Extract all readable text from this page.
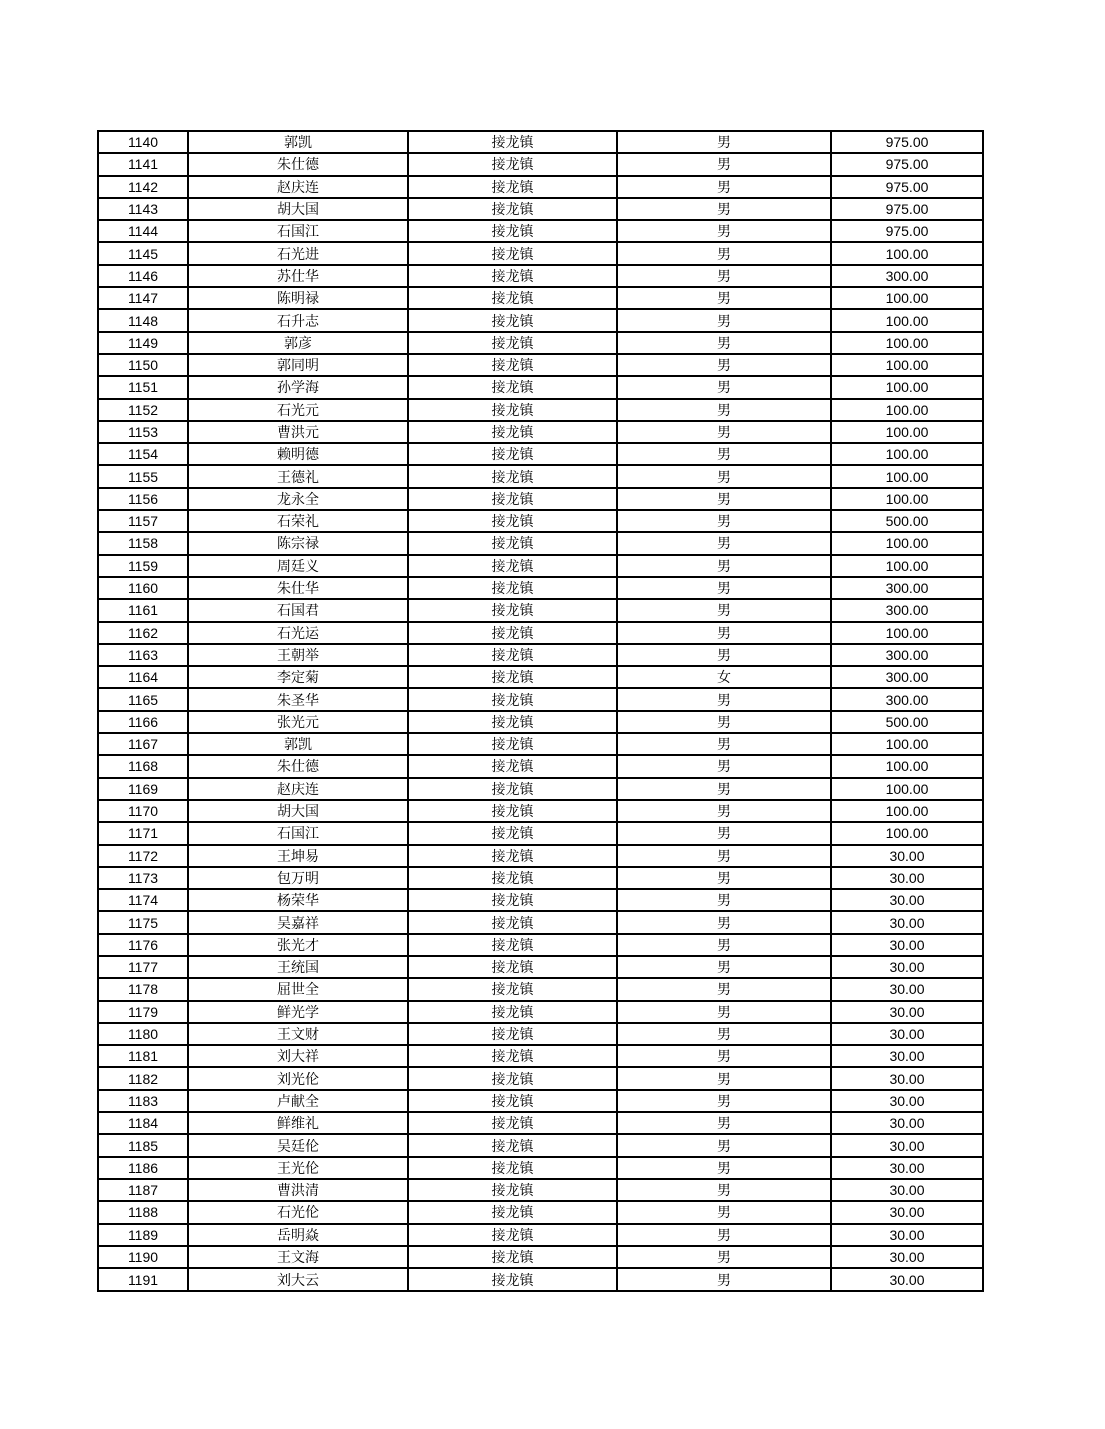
1140	郭凯	接龙镇	男	975.00
1141	朱仕德	接龙镇	男	975.00
1142	赵庆连	接龙镇	男	975.00
1143	胡大国	接龙镇	男	975.00
1144	石国江	接龙镇	男	975.00
1145	石光进	接龙镇	男	100.00
1146	苏仕华	接龙镇	男	300.00
1147	陈明禄	接龙镇	男	100.00
1148	石升志	接龙镇	男	100.00
1149	郭彦	接龙镇	男	100.00
1150	郭同明	接龙镇	男	100.00
1151	孙学海	接龙镇	男	100.00
1152	石光元	接龙镇	男	100.00
1153	曹洪元	接龙镇	男	100.00
1154	赖明德	接龙镇	男	100.00
1155	王德礼	接龙镇	男	100.00
1156	龙永全	接龙镇	男	100.00
1157	石荣礼	接龙镇	男	500.00
1158	陈宗禄	接龙镇	男	100.00
1159	周廷义	接龙镇	男	100.00
1160	朱仕华	接龙镇	男	300.00
1161	石国君	接龙镇	男	300.00
1162	石光运	接龙镇	男	100.00
1163	王朝举	接龙镇	男	300.00
1164	李定菊	接龙镇	女	300.00
1165	朱圣华	接龙镇	男	300.00
1166	张光元	接龙镇	男	500.00
1167	郭凯	接龙镇	男	100.00
1168	朱仕德	接龙镇	男	100.00
1169	赵庆连	接龙镇	男	100.00
1170	胡大国	接龙镇	男	100.00
1171	石国江	接龙镇	男	100.00
1172	王坤易	接龙镇	男	30.00
1173	包万明	接龙镇	男	30.00
1174	杨荣华	接龙镇	男	30.00
1175	吴嘉祥	接龙镇	男	30.00
1176	张光才	接龙镇	男	30.00
1177	王统国	接龙镇	男	30.00
1178	屈世全	接龙镇	男	30.00
1179	鲜光学	接龙镇	男	30.00
1180	王文财	接龙镇	男	30.00
1181	刘大祥	接龙镇	男	30.00
1182	刘光伦	接龙镇	男	30.00
1183	卢献全	接龙镇	男	30.00
1184	鲜维礼	接龙镇	男	30.00
1185	吴廷伦	接龙镇	男	30.00
1186	王光伦	接龙镇	男	30.00
1187	曹洪清	接龙镇	男	30.00
1188	石光伦	接龙镇	男	30.00
1189	岳明焱	接龙镇	男	30.00
1190	王文海	接龙镇	男	30.00
1191	刘大云	接龙镇	男	30.00
